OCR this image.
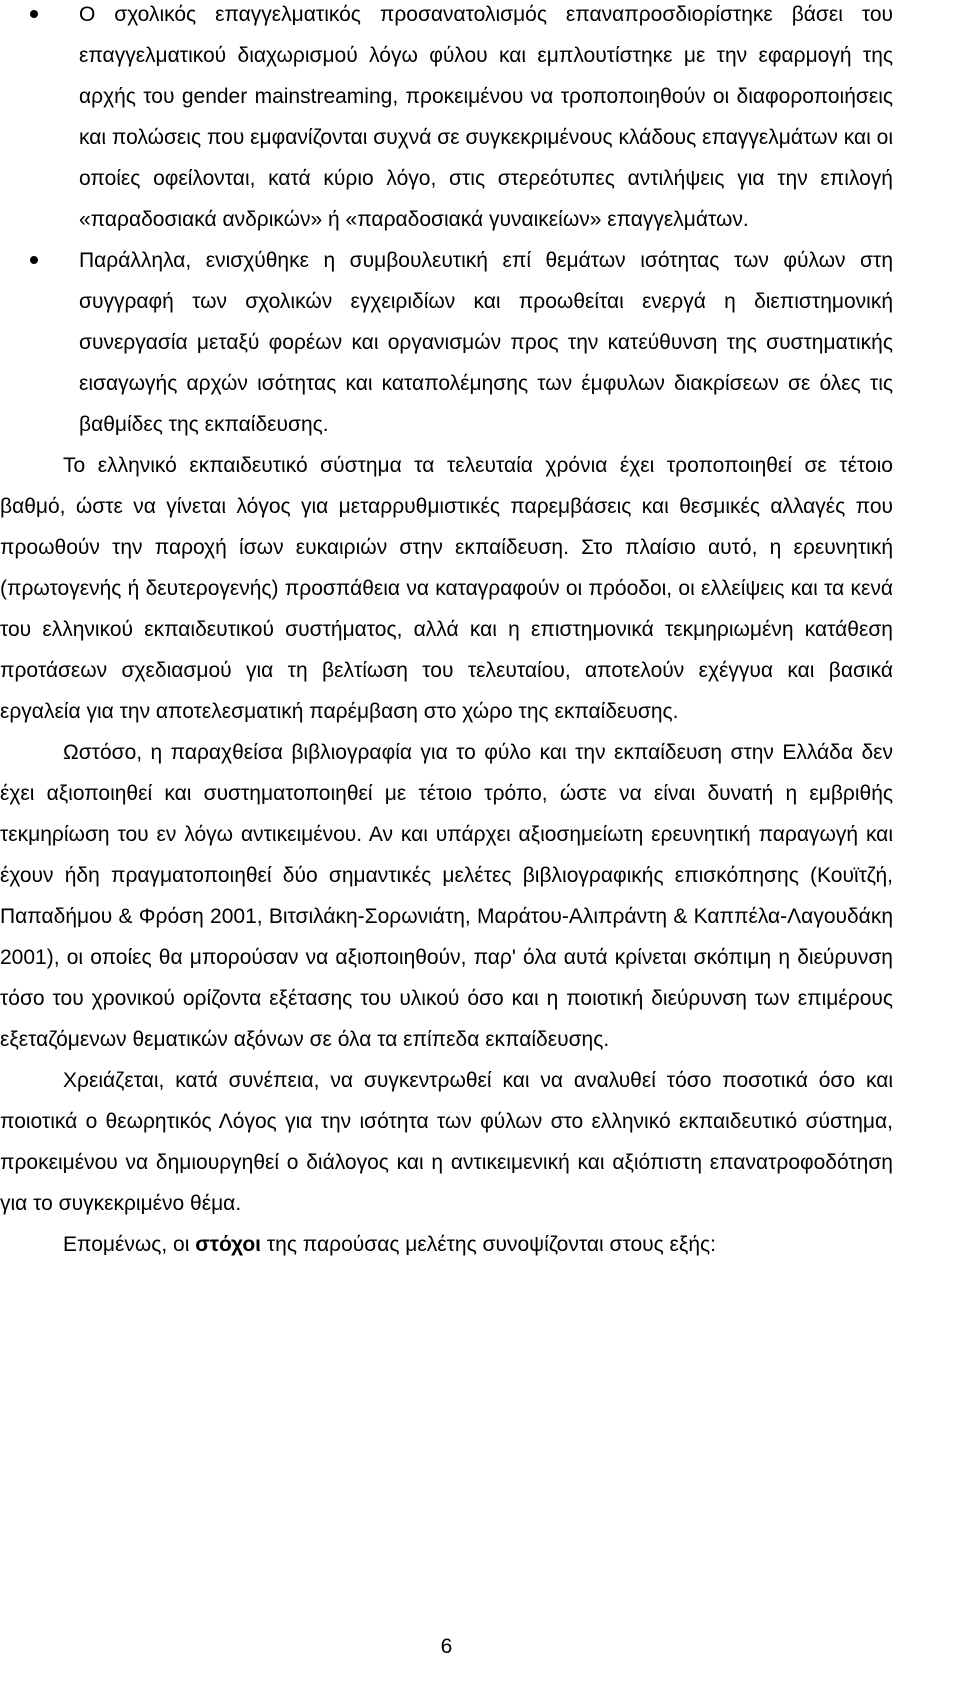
Ο σχολικός επαγγελματικός προσανατολισμός επαναπροσδιορίστηκε βάσει του επαγγελματικού διαχωρισμού λόγω φύλου και εμπλουτίστηκε με την εφαρμογή της αρχής του gender mainstreaming, προκειμένου να τροποποιηθούν οι διαφοροποιήσεις και πολώσεις που εμφανίζονται συχνά σε συγκεκριμένους κλάδους επαγγελμάτων και οι οποίες οφείλονται, κατά κύριο λόγο, στις στερεότυπες αντιλήψεις για την επιλογή «παραδοσιακά ανδρικών» ή «παραδοσιακά γυναικείων» επαγγελμάτων.
Παράλληλα, ενισχύθηκε η συμβουλευτική επί θεμάτων ισότητας των φύλων στη συγγραφή των σχολικών εγχειριδίων και προωθείται ενεργά η διεπιστημονική συνεργασία μεταξύ φορέων και οργανισμών προς την κατεύθυνση της συστηματικής εισαγωγής αρχών ισότητας και καταπολέμησης των έμφυλων διακρίσεων σε όλες τις βαθμίδες της εκπαίδευσης.

Το ελληνικό εκπαιδευτικό σύστημα τα τελευταία χρόνια έχει τροποποιηθεί σε τέτοιο βαθμό, ώστε να γίνεται λόγος για μεταρρυθμιστικές παρεμβάσεις και θεσμικές αλλαγές που προωθούν την παροχή ίσων ευκαιριών στην εκπαίδευση. Στο πλαίσιο αυτό, η ερευνητική (πρωτογενής ή δευτερογενής) προσπάθεια να καταγραφούν οι πρόοδοι, οι ελλείψεις και τα κενά του ελληνικού εκπαιδευτικού συστήματος, αλλά και η επιστημονικά τεκμηριωμένη κατάθεση προτάσεων σχεδιασμού για τη βελτίωση του τελευταίου, αποτελούν εχέγγυα και βασικά εργαλεία για την αποτελεσματική παρέμβαση στο χώρο της εκπαίδευσης.

Ωστόσο, η παραχθείσα βιβλιογραφία για το φύλο και την εκπαίδευση στην Ελλάδα δεν έχει αξιοποιηθεί και συστηματοποιηθεί με τέτοιο τρόπο, ώστε να είναι δυνατή η εμβριθής τεκμηρίωση του εν λόγω αντικειμένου. Αν και υπάρχει αξιοσημείωτη ερευνητική παραγωγή και έχουν ήδη πραγματοποιηθεί δύο σημαντικές μελέτες βιβλιογραφικής επισκόπησης (Κουϊτζή, Παπαδήμου & Φρόση 2001, Βιτσιλάκη-Σορωνιάτη, Μαράτου-Αλιπράντη & Καππέλα-Λαγουδάκη 2001), οι οποίες θα μπορούσαν να αξιοποιηθούν, παρ' όλα αυτά κρίνεται σκόπιμη η διεύρυνση τόσο του χρονικού ορίζοντα εξέτασης του υλικού όσο και η ποιοτική διεύρυνση των επιμέρους εξεταζόμενων θεματικών αξόνων σε όλα τα επίπεδα εκπαίδευσης.

Χρειάζεται, κατά συνέπεια, να συγκεντρωθεί και να αναλυθεί τόσο ποσοτικά όσο και ποιοτικά ο θεωρητικός Λόγος για την ισότητα των φύλων στο ελληνικό εκπαιδευτικό σύστημα, προκειμένου να δημιουργηθεί ο διάλογος και η αντικειμενική και αξιόπιστη επανατροφοδότηση για το συγκεκριμένο θέμα.

Επομένως, οι στόχοι της παρούσας μελέτης συνοψίζονται στους εξής:

6
